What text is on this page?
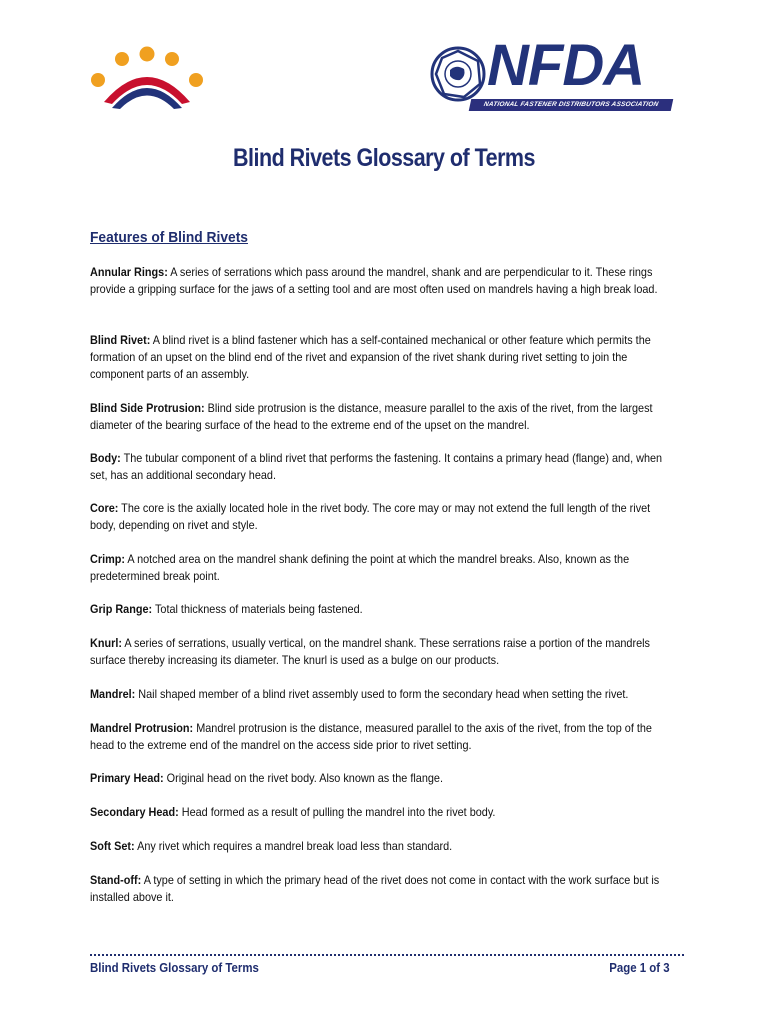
NFDA
NATIONAL FASTENER DISTRIBUTORS ASSOCIATION
Blind Rivets Glossary of Terms
Features of Blind Rivets
Annular Rings: A series of serrations which pass around the mandrel, shank and are perpendicular to it. These rings provide a gripping surface for the jaws of a setting tool and are most often used on mandrels having a high break load.
Blind Rivet: A blind rivet is a blind fastener which has a self-contained mechanical or other feature which permits the formation of an upset on the blind end of the rivet and expansion of the rivet shank during rivet setting to join the component parts of an assembly.
Blind Side Protrusion: Blind side protrusion is the distance, measure parallel to the axis of the rivet, from the largest diameter of the bearing surface of the head to the extreme end of the upset on the mandrel.
Body: The tubular component of a blind rivet that performs the fastening. It contains a primary head (flange) and, when set, has an additional secondary head.
Core: The core is the axially located hole in the rivet body. The core may or may not extend the full length of the rivet body, depending on rivet and style.
Crimp: A notched area on the mandrel shank defining the point at which the mandrel breaks. Also, known as the predetermined break point.
Grip Range: Total thickness of materials being fastened.
Knurl: A series of serrations, usually vertical, on the mandrel shank. These serrations raise a portion of the mandrels surface thereby increasing its diameter. The knurl is used as a bulge on our products.
Mandrel: Nail shaped member of a blind rivet assembly used to form the secondary head when setting the rivet.
Mandrel Protrusion: Mandrel protrusion is the distance, measured parallel to the axis of the rivet, from the top of the head to the extreme end of the mandrel on the access side prior to rivet setting.
Primary Head: Original head on the rivet body. Also known as the flange.
Secondary Head: Head formed as a result of pulling the mandrel into the rivet body.
Soft Set: Any rivet which requires a mandrel break load less than standard.
Stand-off: A type of setting in which the primary head of the rivet does not come in contact with the work surface but is installed above it.
Blind Rivets Glossary of Terms	Page 1 of 3
